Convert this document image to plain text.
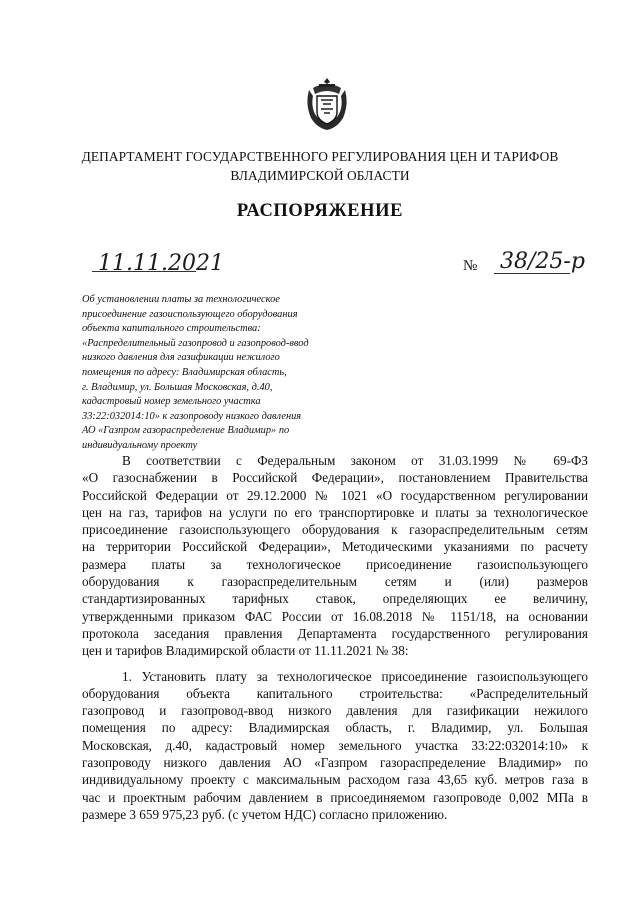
ДЕПАРТАМЕНТ ГОСУДАРСТВЕННОГО РЕГУЛИРОВАНИЯ ЦЕН И ТАРИФОВ
ВЛАДИМИРСКОЙ ОБЛАСТИ
РАСПОРЯЖЕНИЕ
11.11.2021	№ 38/25-р
Об установлении платы за технологическое
присоединение газоиспользующего оборудования
объекта капитального строительства:
«Распределительный газопровод и газопровод-ввод
низкого давления для газификации нежилого
помещения по адресу: Владимирская область,
г. Владимир, ул. Большая Московская, д.40,
кадастровый номер земельного участка
33:22:032014:10» к газопроводу низкого давления
АО «Газпром газораспределение Владимир» по
индивидуальному проекту
В соответствии с Федеральным законом от 31.03.1999 № 69-ФЗ
«О газоснабжении в Российской Федерации», постановлением Правительства
Российской Федерации от 29.12.2000 № 1021 «О государственном регулировании
цен на газ, тарифов на услуги по его транспортировке и платы за технологическое
присоединение газоиспользующего оборудования к газораспределительным сетям
на территории Российской Федерации», Методическими указаниями по расчету
размера платы за технологическое присоединение газоиспользующего
оборудования к газораспределительным сетям и (или) размеров
стандартизированных тарифных ставок, определяющих ее величину,
утвержденными приказом ФАС России от 16.08.2018 № 1151/18, на основании
протокола заседания правления Департамента государственного регулирования
цен и тарифов Владимирской области от 11.11.2021 № 38:
1. Установить плату за технологическое присоединение газоиспользующего
оборудования объекта капитального строительства: «Распределительный
газопровод и газопровод-ввод низкого давления для газификации нежилого
помещения по адресу: Владимирская область, г. Владимир, ул. Большая
Московская, д.40, кадастровый номер земельного участка 33:22:032014:10» к
газопроводу низкого давления АО «Газпром газораспределение Владимир» по
индивидуальному проекту с максимальным расходом газа 43,65 куб. метров газа в
час и проектным рабочим давлением в присоединяемом газопроводе 0,002 МПа в
размере 3 659 975,23 руб. (с учетом НДС) согласно приложению.
